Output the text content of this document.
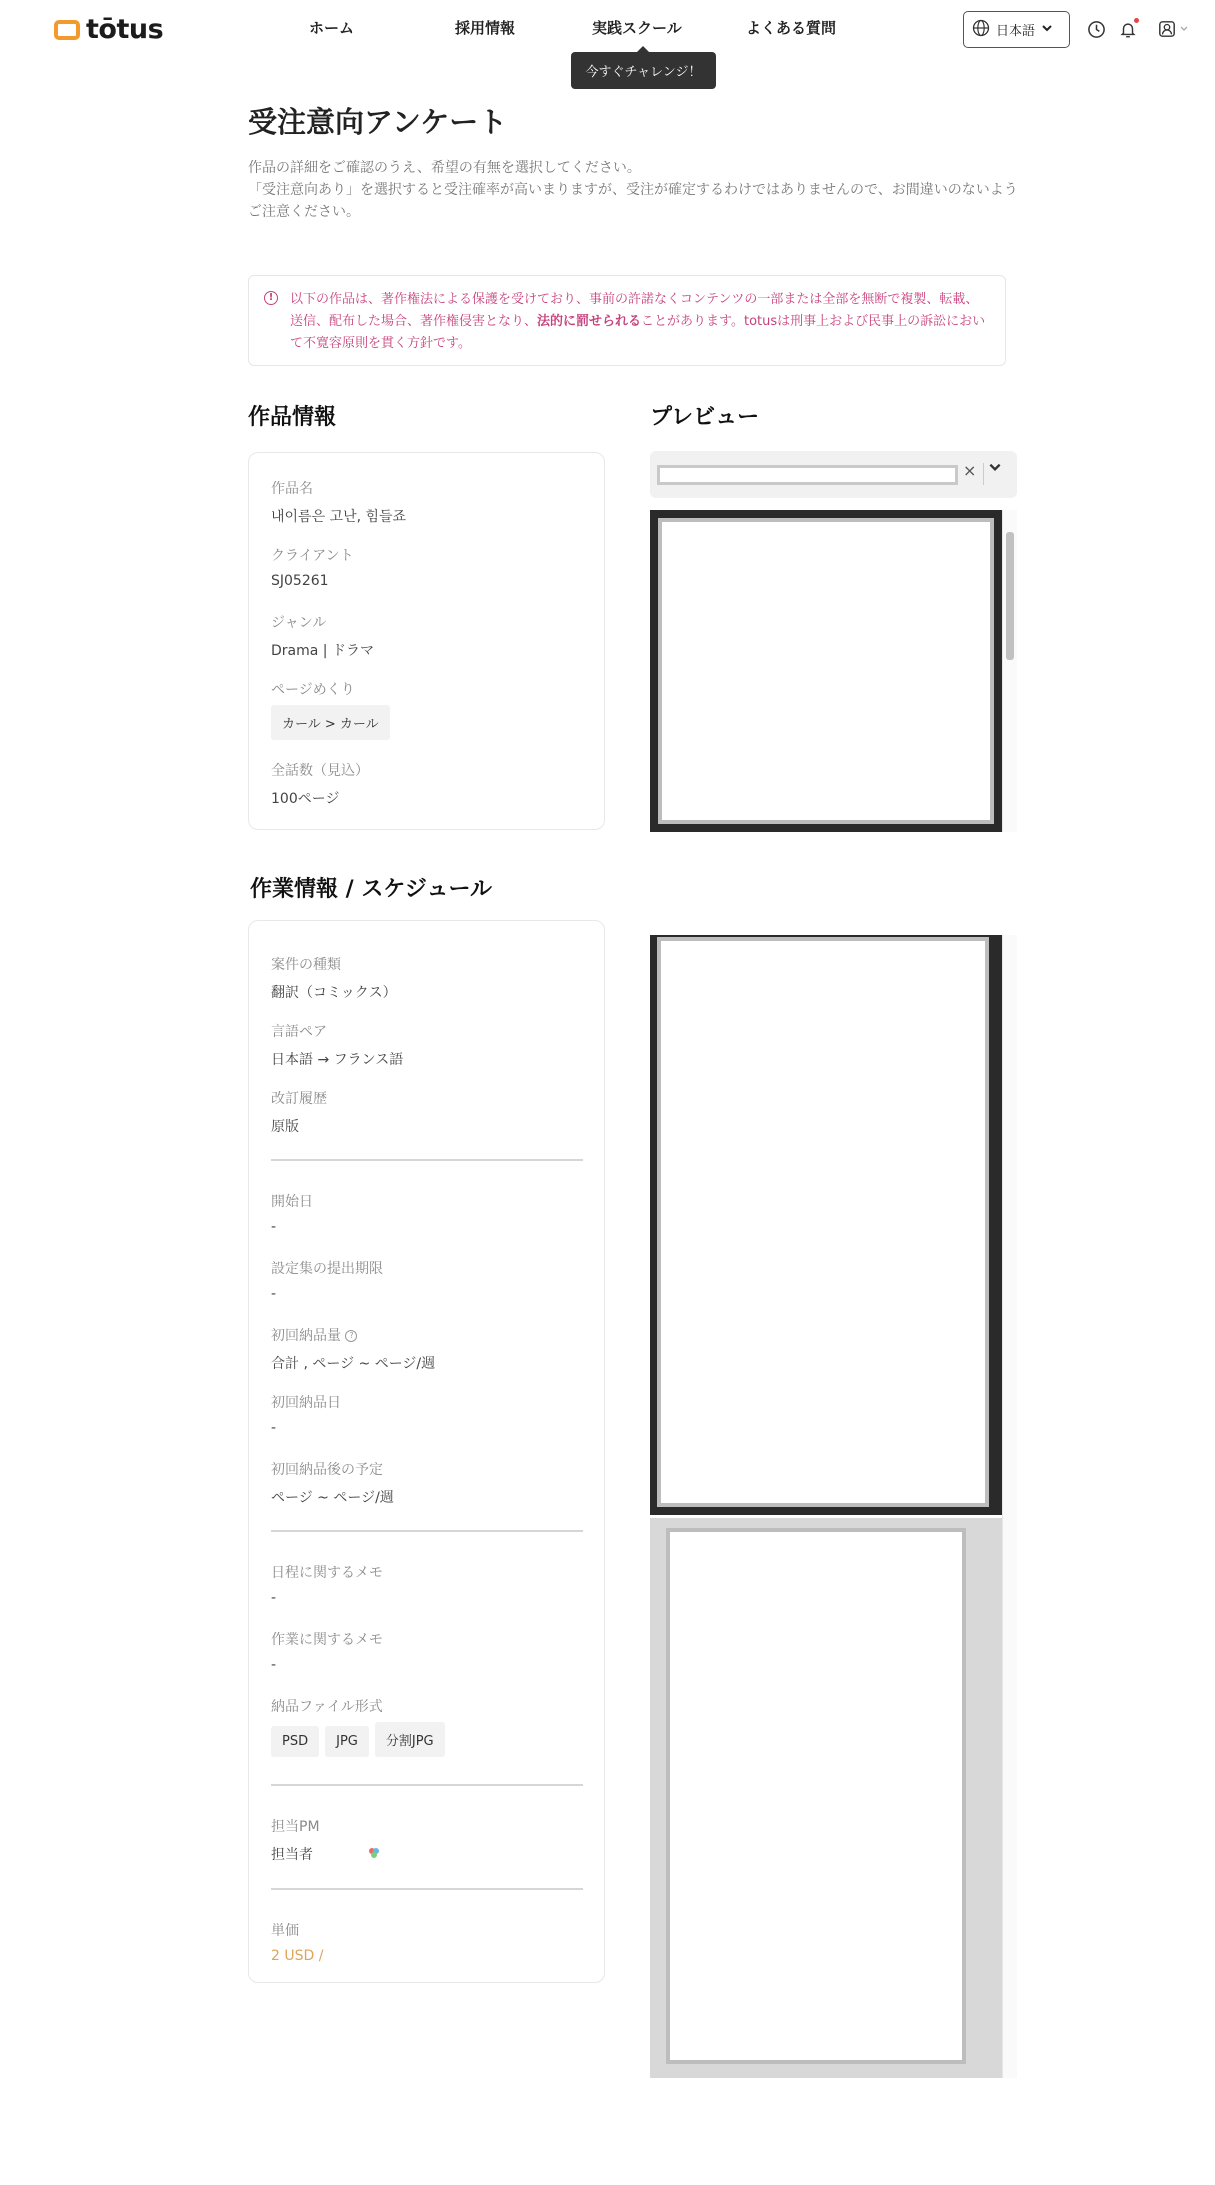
tōtus	ホーム	採用情報	実践スクール	よくある質問	日本語
今すぐチャレンジ！
受注意向アンケート
作品の詳細をご確認のうえ、希望の有無を選択してください。
「受注意向あり」を選択すると受注確率が高いまりますが、受注が確定するわけではありませんので、お間違いのないようご注意ください。
!	以下の作品は、著作権法による保護を受けており、事前の許諾なくコンテンツの一部または全部を無断で複製、転載、送信、配布した場合、著作権侵害となり、法的に罰せられることがあります。totusは刑事上および民事上の訴訟において不寛容原則を貫く方針です。
作品情報
作品名
내이름은 고난, 힘들죠
クライアント
SJ05261
ジャンル
Drama | ドラマ
ページめくり
カール > カール
全話数（見込）
100ページ
プレビュー
×
作業情報 / スケジュール
案件の種類
翻訳（コミックス）
言語ペア
日本語 → フランス語
改訂履歴
原版
開始日
-
設定集の提出期限
-
初回納品量 ?
合計 , ページ ~ ページ/週
初回納品日
-
初回納品後の予定
ページ ~ ページ/週
日程に関するメモ
-
作業に関するメモ
-
納品ファイル形式
PSD JPG 分割JPG
担当PM
担当者
単価
2 USD /
